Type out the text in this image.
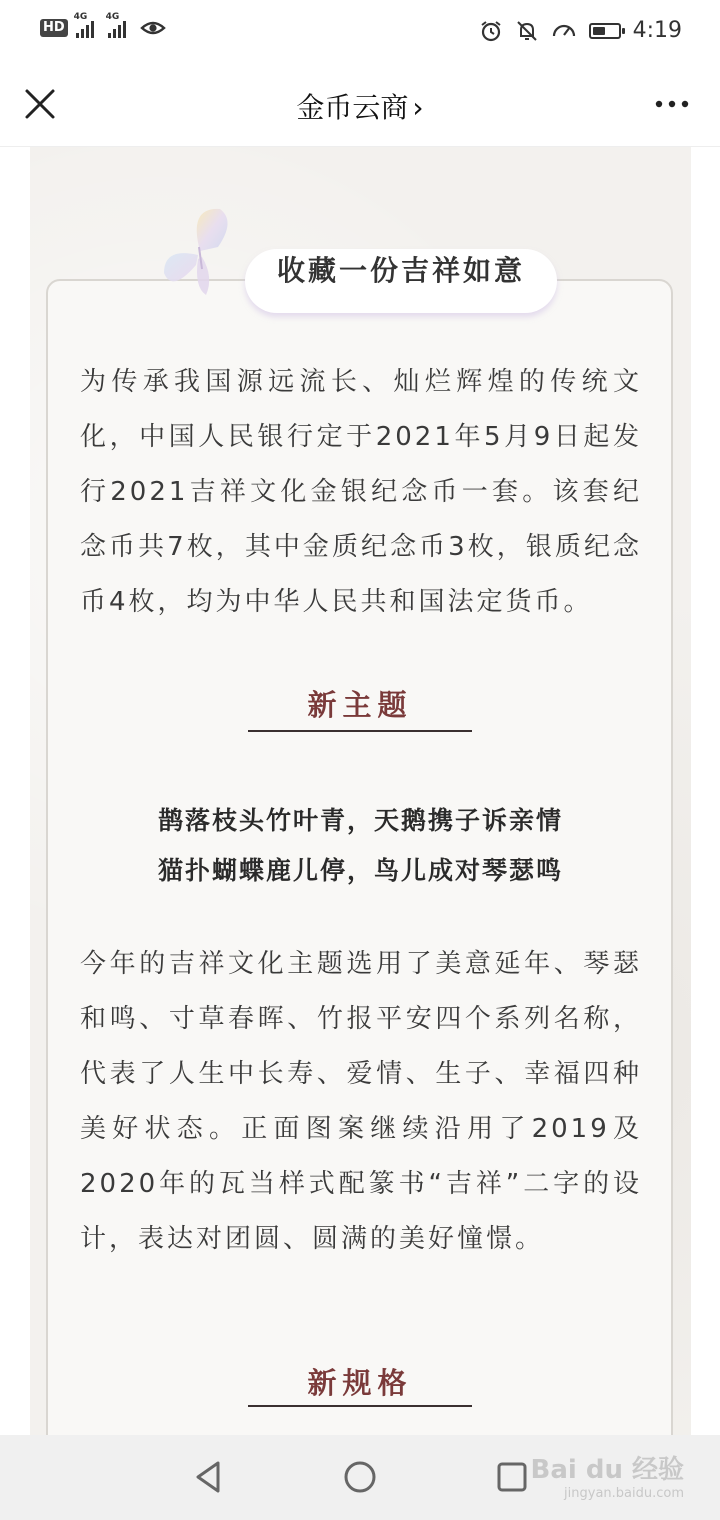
HD
4G 4G
4:19
金币云商 ›
收藏一份吉祥如意

为传承我国源远流长、灿烂辉煌的传统文化，中国人民银行定于2021年5月9日起发行2021吉祥文化金银纪念币一套。该套纪念币共7枚，其中金质纪念币3枚，银质纪念币4枚，均为中华人民共和国法定货币。

新主题
鹊落枝头竹叶青，天鹅携子诉亲情
猫扑蝴蝶鹿儿停，鸟儿成对琴瑟鸣

今年的吉祥文化主题选用了美意延年、琴瑟和鸣、寸草春晖、竹报平安四个系列名称，代表了人生中长寿、爱情、生子、幸福四种美好状态。正面图案继续沿用了2019及2020年的瓦当样式配篆书“吉祥”二字的设计，表达对团圆、圆满的美好憧憬。

新规格
Bai du 经验
jingyan.baidu.com
